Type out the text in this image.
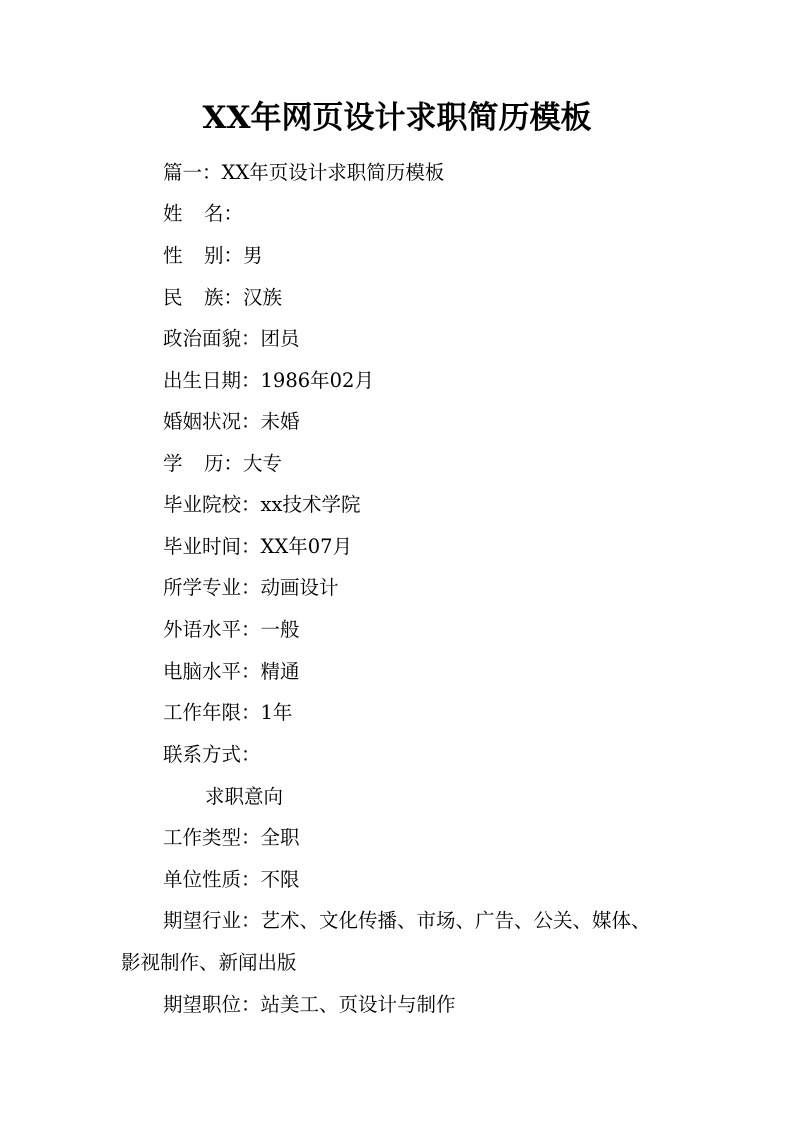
XX年网页设计求职简历模板

篇一：XX年页设计求职简历模板

姓 名：

性 别：男

民 族：汉族

政治面貌：团员

出生日期：1986年02月

婚姻状况：未婚

学 历：大专

毕业院校：xx技术学院

毕业时间：XX年07月

所学专业：动画设计

外语水平：一般

电脑水平：精通

工作年限：1年

联系方式：

求职意向

工作类型：全职

单位性质：不限

期望行业：艺术、文化传播、市场、广告、公关、媒体、

影视制作、新闻出版

期望职位：站美工、页设计与制作
